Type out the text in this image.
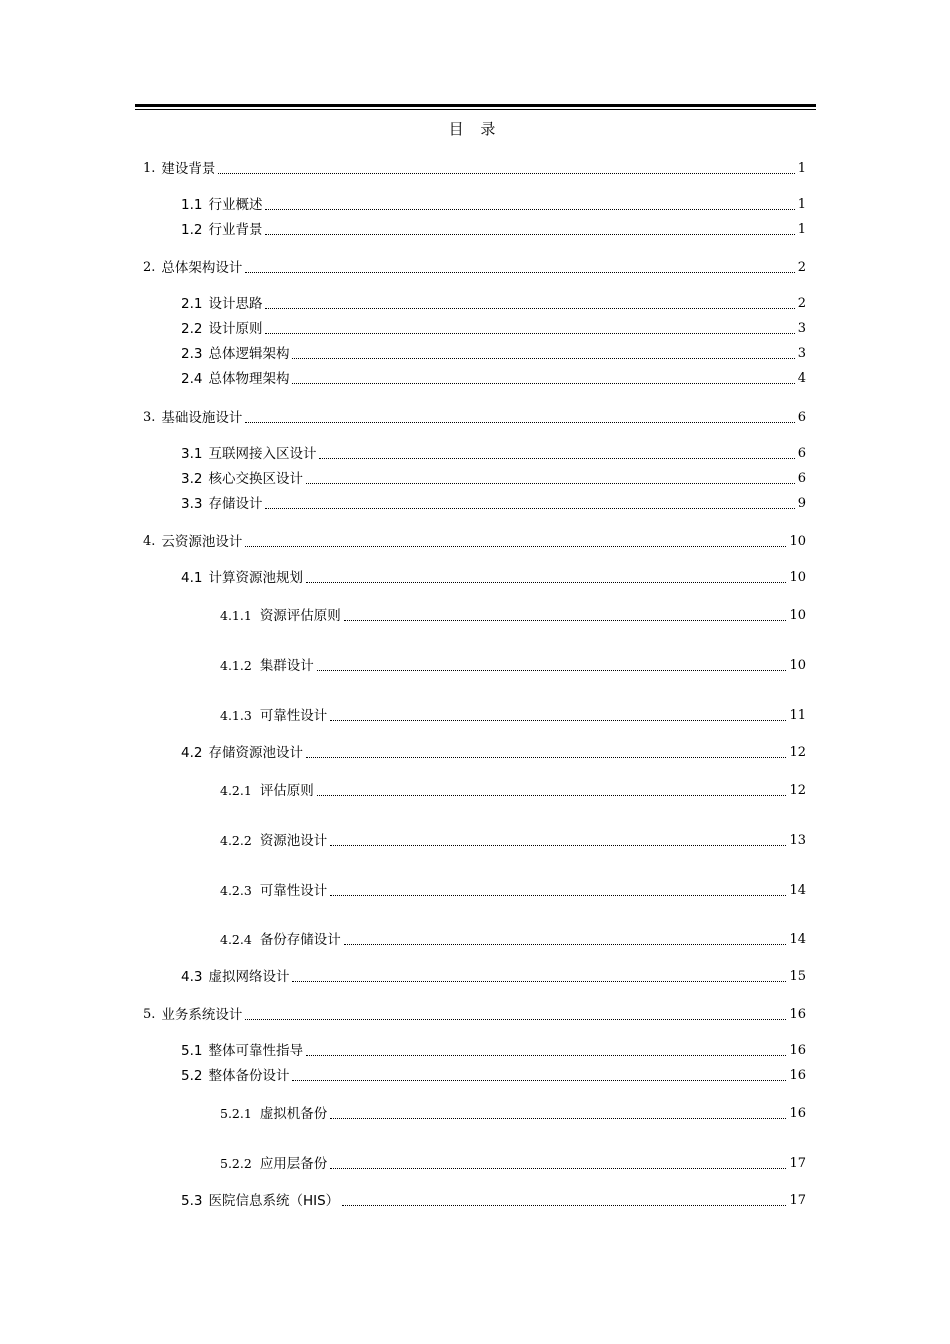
目 录
1. 建设背景	1
1.1 行业概述	1
1.2 行业背景	1
2. 总体架构设计	2
2.1 设计思路	2
2.2 设计原则	3
2.3 总体逻辑架构	3
2.4 总体物理架构	4
3. 基础设施设计	6
3.1 互联网接入区设计	6
3.2 核心交换区设计	6
3.3 存储设计	9
4. 云资源池设计	10
4.1 计算资源池规划	10
4.1.1 资源评估原则	10
4.1.2 集群设计	10
4.1.3 可靠性设计	11
4.2 存储资源池设计	12
4.2.1 评估原则	12
4.2.2 资源池设计	13
4.2.3 可靠性设计	14
4.2.4 备份存储设计	14
4.3 虚拟网络设计	15
5. 业务系统设计	16
5.1 整体可靠性指导	16
5.2 整体备份设计	16
5.2.1 虚拟机备份	16
5.2.2 应用层备份	17
5.3 医院信息系统（HIS）	17
